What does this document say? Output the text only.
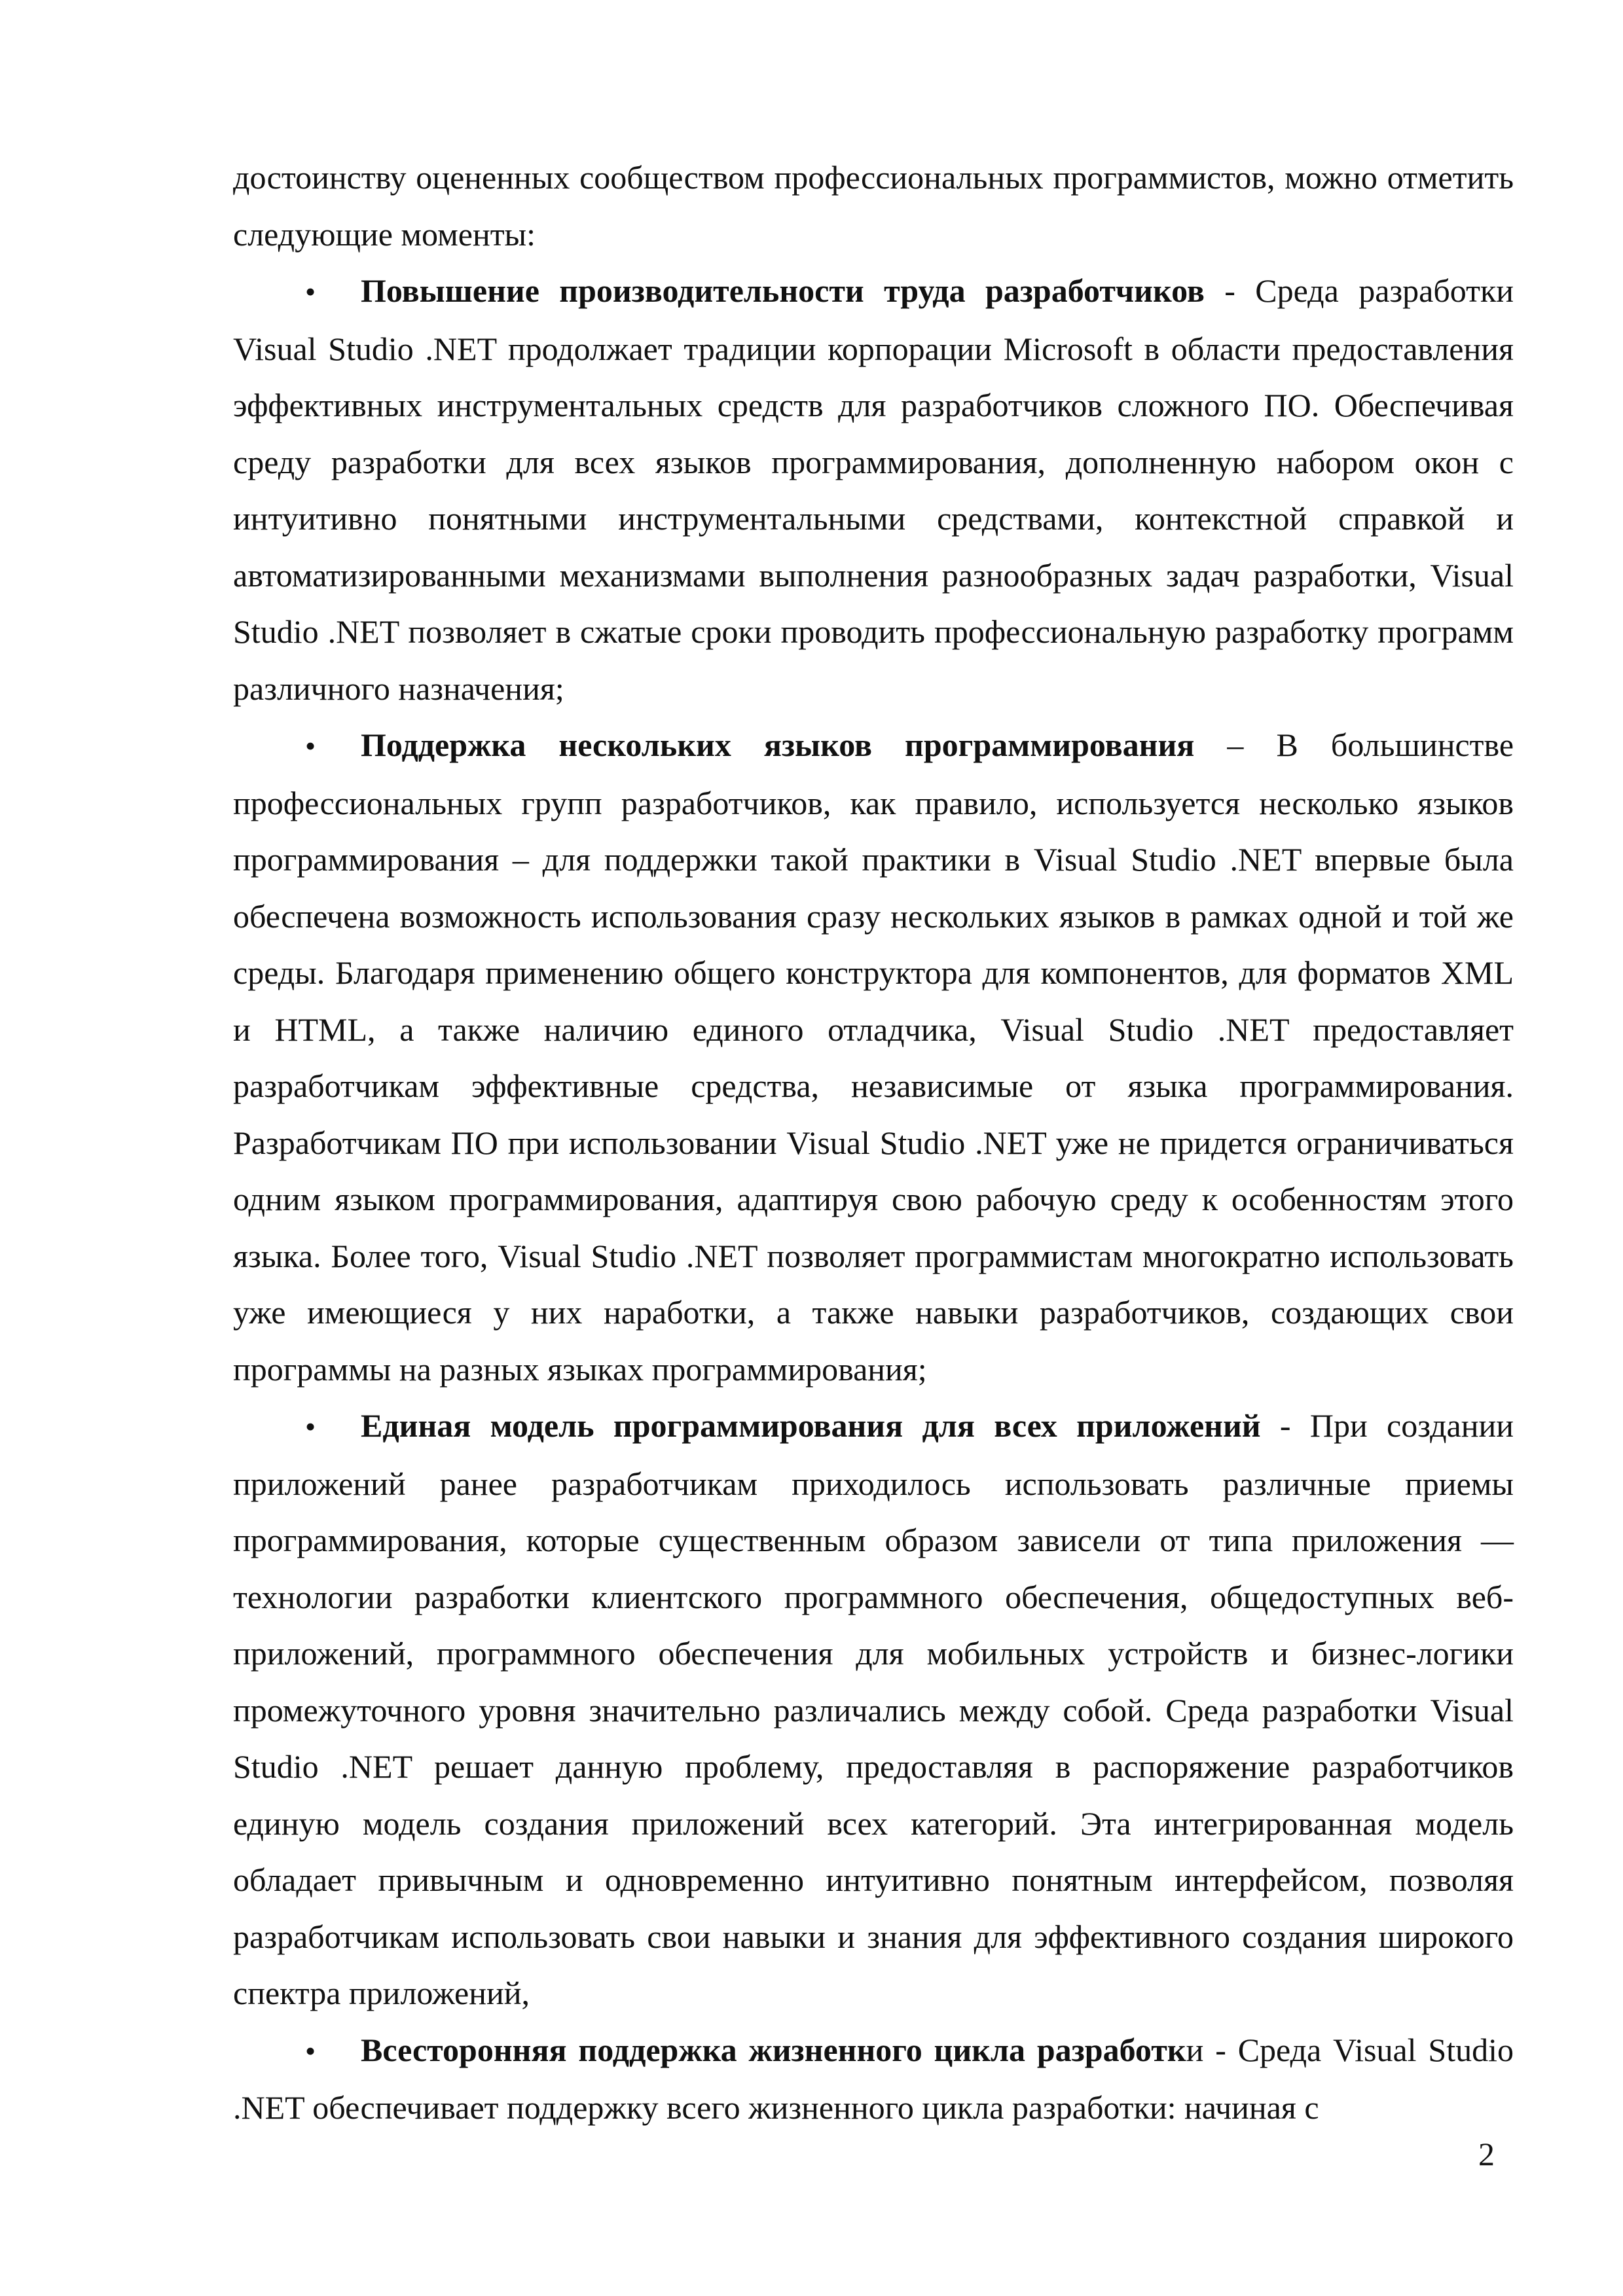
достоинству оцененных сообществом профессиональных программистов, можно отметить следующие моменты:

• Повышение производительности труда разработчиков - Среда разработки Visual Studio .NET продолжает традиции корпорации Microsoft в области предоставления эффективных инструментальных средств для разработчиков сложного ПО. Обеспечивая среду разработки для всех языков программирования, дополненную набором окон с интуитивно понятными инструментальными средствами, контекстной справкой и автоматизированными механизмами выполнения разнообразных задач разработки, Visual Studio .NET позволяет в сжатые сроки проводить профессиональную разработку программ различного назначения;

• Поддержка нескольких языков программирования – В большинстве профессиональных групп разработчиков, как правило, используется несколько языков программирования – для поддержки такой практики в Visual Studio .NET впервые была обеспечена возможность использования сразу нескольких языков в рамках одной и той же среды. Благодаря применению общего конструктора для компонентов, для форматов XML и HTML, а также наличию единого отладчика, Visual Studio .NET предоставляет разработчикам эффективные средства, независимые от языка программирования. Разработчикам ПО при использовании Visual Studio .NET уже не придется ограничиваться одним языком программирования, адаптируя свою рабочую среду к особенностям этого языка. Более того, Visual Studio .NET позволяет программистам многократно использовать уже имеющиеся у них наработки, а также навыки разработчиков, создающих свои программы на разных языках программирования;

• Единая модель программирования для всех приложений - При создании приложений ранее разработчикам приходилось использовать различные приемы программирования, которые существенным образом зависели от типа приложения — технологии разработки клиентского программного обеспечения, общедоступных веб-приложений, программного обеспечения для мобильных устройств и бизнес-логики промежуточного уровня значительно различались между собой. Среда разработки Visual Studio .NET решает данную проблему, предоставляя в распоряжение разработчиков единую модель создания приложений всех категорий. Эта интегрированная модель обладает привычным и одновременно интуитивно понятным интерфейсом, позволяя разработчикам использовать свои навыки и знания для эффективного создания широкого спектра приложений,

• Всесторонняя поддержка жизненного цикла разработки - Среда Visual Studio .NET обеспечивает поддержку всего жизненного цикла разработки: начиная с

2
